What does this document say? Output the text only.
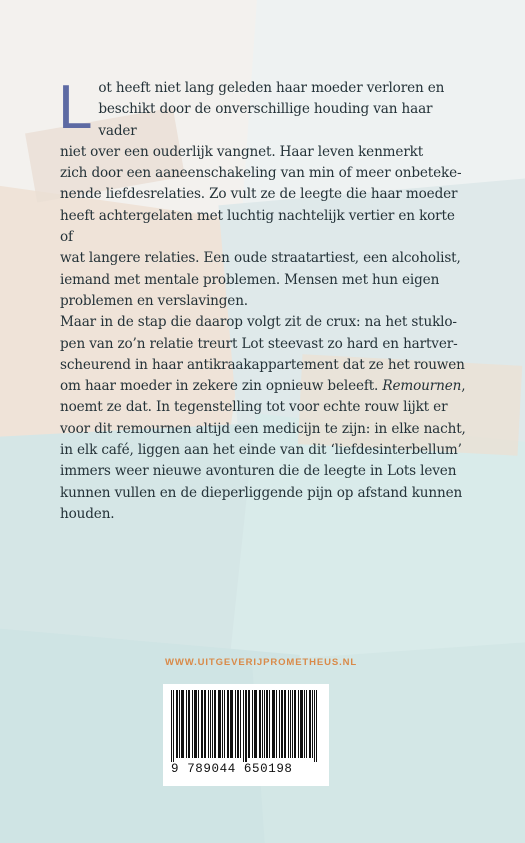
L ot heeft niet lang geleden haar moeder verloren en
beschikt door de onverschillige houding van haar vader
niet over een ouderlijk vangnet. Haar leven kenmerkt
zich door een aaneenschakeling van min of meer onbeteke-
nende liefdesrelaties. Zo vult ze de leegte die haar moeder
heeft achtergelaten met luchtig nachtelijk vertier en korte of
wat langere relaties. Een oude straatartiest, een alcoholist,
iemand met mentale problemen. Mensen met hun eigen
problemen en verslavingen.

Maar in de stap die daarop volgt zit de crux: na het stuklo-
pen van zo’n relatie treurt Lot steevast zo hard en hartver-
scheurend in haar antikraakappartement dat ze het rouwen
om haar moeder in zekere zin opnieuw beleeft. Remournen,
noemt ze dat. In tegenstelling tot voor echte rouw lijkt er
voor dit remournen altijd een medicijn te zijn: in elke nacht,
in elk café, liggen aan het einde van dit ‘liefdesinterbellum’
immers weer nieuwe avonturen die de leegte in Lots leven
kunnen vullen en de dieperliggende pijn op afstand kunnen
houden.

WWW.UITGEVERIJPROMETHEUS.NL
9 789044 650198
